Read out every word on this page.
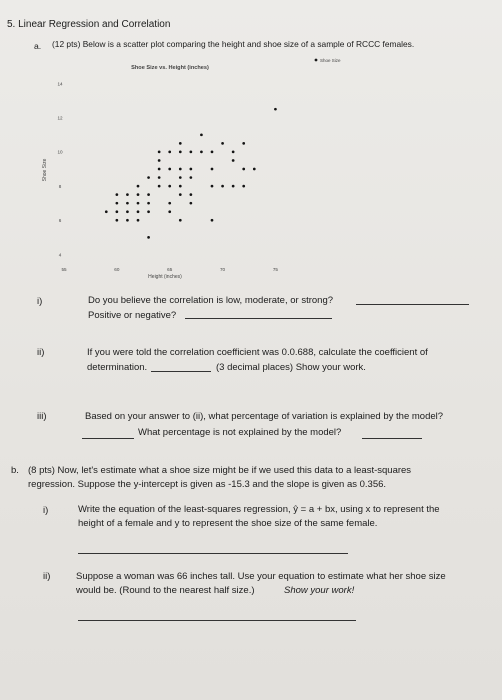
5. Linear Regression and Correlation
a. (12 pts) Below is a scatter plot comparing the height and shoe size of a sample of RCCC females.
Shoe Size vs. Height (inches)
Shoe Size
Shoe Size
Height (inches)
4
6
8
10
12
14
55	60	65	70	75
i)	Do you believe the correlation is low, moderate, or strong?
Positive or negative?
ii)	If you were told the correlation coefficient was 0.0.688, calculate the coefficient of
determination.	(3 decimal places) Show your work.
iii)	Based on your answer to (ii), what percentage of variation is explained by the model?
What percentage is not explained by the model?
b. (8 pts) Now, let's estimate what a shoe size might be if we used this data to a least-squares
regression. Suppose the y-intercept is given as -15.3 and the slope is given as 0.356.
i)	Write the equation of the least-squares regression, ŷ = a + bx, using x to represent the
height of a female and y to represent the shoe size of the same female.
ii)	Suppose a woman was 66 inches tall. Use your equation to estimate what her shoe size
would be. (Round to the nearest half size.)	Show your work!
